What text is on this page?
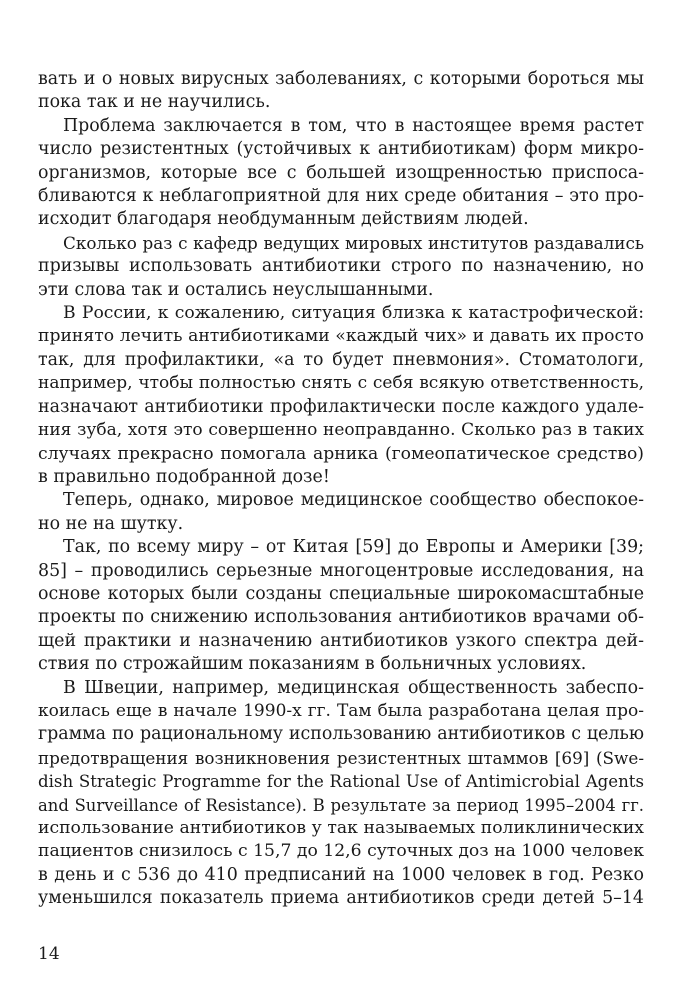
вать и о новых вирусных заболеваниях, с которыми бороться мы
пока так и не научились.
Проблема заключается в том, что в настоящее время растет
число резистентных (устойчивых к антибиотикам) форм микро-
организмов, которые все с большей изощренностью приспоса-
бливаются к неблагоприятной для них среде обитания – это про-
исходит благодаря необдуманным действиям людей.
Сколько раз с кафедр ведущих мировых институтов раздавались
призывы использовать антибиотики строго по назначению, но
эти слова так и остались неуслышанными.
В России, к сожалению, ситуация близка к катастрофической:
принято лечить антибиотиками «каждый чих» и давать их просто
так, для профилактики, «а то будет пневмония». Стоматологи,
например, чтобы полностью снять с себя всякую ответственность,
назначают антибиотики профилактически после каждого удале-
ния зуба, хотя это совершенно неоправданно. Сколько раз в таких
случаях прекрасно помогала арника (гомеопатическое средство)
в правильно подобранной дозе!
Теперь, однако, мировое медицинское сообщество обеспокое-
но не на шутку.
Так, по всему миру – от Китая [59] до Европы и Америки [39;
85] – проводились серьезные многоцентровые исследования, на
основе которых были созданы специальные широкомасштабные
проекты по снижению использования антибиотиков врачами об-
щей практики и назначению антибиотиков узкого спектра дей-
ствия по строжайшим показаниям в больничных условиях.
В Швеции, например, медицинская общественность забеспо-
коилась еще в начале 1990-х гг. Там была разработана целая про-
грамма по рациональному использованию антибиотиков с целью
предотвращения возникновения резистентных штаммов [69] (Swe-
dish Strategic Programme for the Rational Use of Antimicrobial Agents
and Surveillance of Resistance). В результате за период 1995–2004 гг.
использование антибиотиков у так называемых поликлинических
пациентов снизилось с 15,7 до 12,6 суточных доз на 1000 человек
в день и с 536 до 410 предписаний на 1000 человек в год. Резко
уменьшился показатель приема антибиотиков среди детей 5–14
14
